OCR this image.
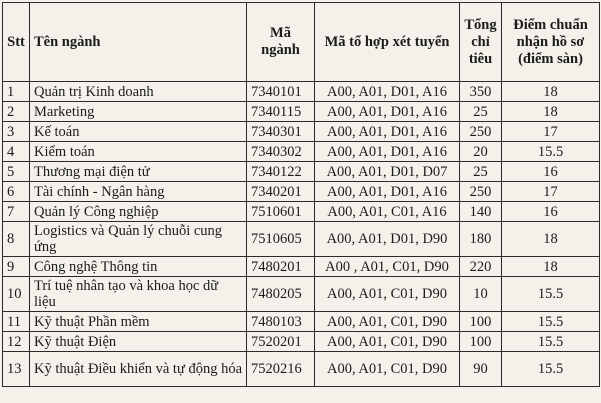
Stt	Tên ngành	Mã ngành	Mã tổ hợp xét tuyển	Tổng chỉ tiêu	Điểm chuẩn nhận hồ sơ (điểm sàn)
1	Quản trị Kinh doanh	7340101	A00, A01, D01, A16	350	18
2	Marketing	7340115	A00, A01, D01, A16	25	18
3	Kế toán	7340301	A00, A01, D01, A16	250	17
4	Kiểm toán	7340302	A00, A01, D01, A16	20	15.5
5	Thương mại điện tử	7340122	A00, A01, D01, D07	25	16
6	Tài chính - Ngân hàng	7340201	A00, A01, D01, A16	250	17
7	Quản lý Công nghiệp	7510601	A00, A01, C01, A16	140	16
8	Logistics và Quản lý chuỗi cung ứng	7510605	A00, A01, D01, D90	180	18
9	Công nghệ Thông tin	7480201	A00 , A01, C01, D90	220	18
10	Trí tuệ nhân tạo và khoa học dữ liệu	7480205	A00, A01, C01, D90	10	15.5
11	Kỹ thuật Phần mềm	7480103	A00, A01, C01, D90	100	15.5
12	Kỹ thuật Điện	7520201	A00, A01, C01, D90	100	15.5
13	Kỹ thuật Điều khiển và tự động hóa	7520216	A00, A01, C01, D90	90	15.5
